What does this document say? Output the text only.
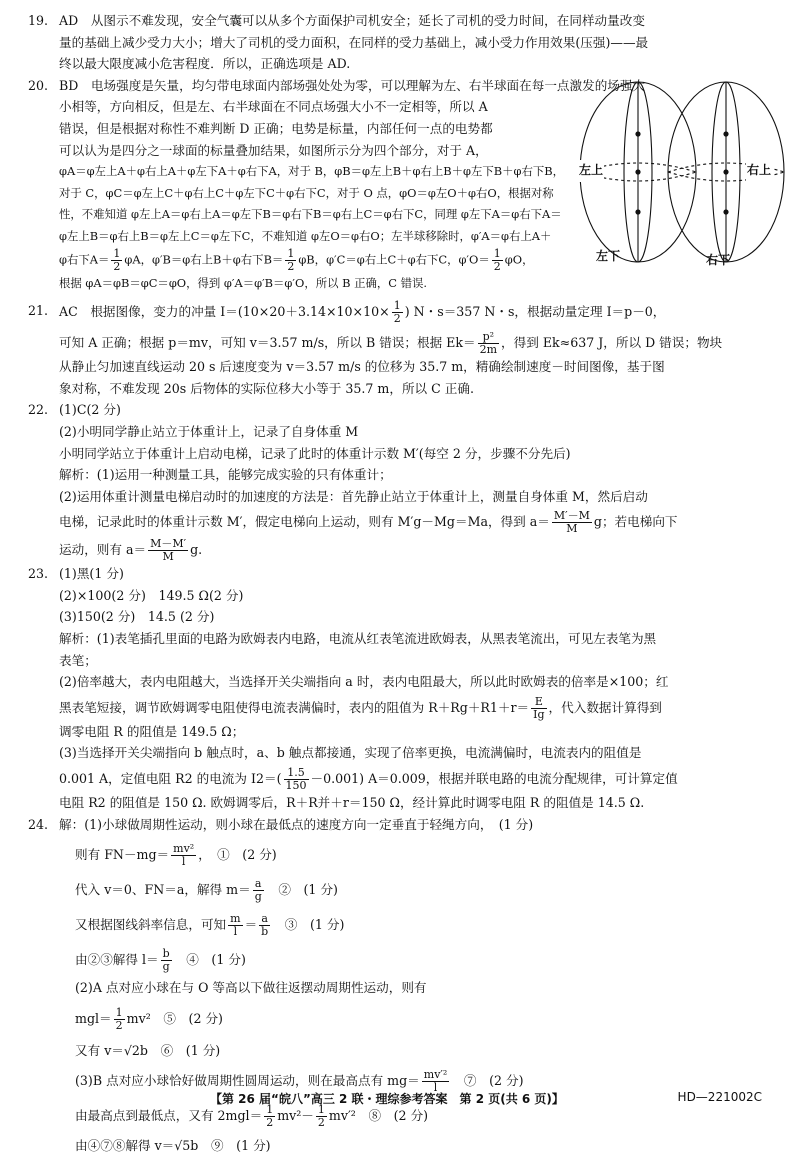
19. AD　从图示不难发现，安全气囊可以从多个方面保护司机安全；延长了司机的受力时间，在同样动量改变
量的基础上减少受力大小；增大了司机的受力面积，在同样的受力基础上，减小受力作用效果(压强)——最
终以最大限度减小危害程度．所以，正确选项是 AD.
20. BD　电场强度是矢量，均匀带电球面内部场强处处为零，可以理解为左、右半球面在每一点激发的场强大
小相等，方向相反，但是左、右半球面在不同点场强大小不一定相等，所以 A
错误，但是根据对称性不难判断 D 正确；电势是标量，内部任何一点的电势都
可以认为是四分之一球面的标量叠加结果，如图所示分为四个部分，对于 A，
φA＝φ左上A＋φ右上A＋φ左下A＋φ右下A，对于 B，φB＝φ左上B＋φ右上B＋φ左下B＋φ右下B，
对于 C，φC＝φ左上C＋φ右上C＋φ左下C＋φ右下C，对于 O 点，φO＝φ左O＋φ右O，根据对称
性，不难知道 φ左上A＝φ右上A＝φ左下B＝φ右下B＝φ右上C＝φ右下C，同理 φ左下A＝φ右下A＝
φ左上B＝φ右上B＝φ左上C＝φ左下C，不难知道 φ左O＝φ右O；左半球移除时，φ′A＝φ右上A＋
φ右下$A= \frac{1}{2}$ φA，φ′B＝φ右上B＋φ右下$B= \frac{1}{2}$ φB，φ′C＝φ右上C＋φ右下C，$\varphi'O= \frac{1}{2}$ φO，
根据 φA＝φB＝φC＝φO，得到 φ′A＝φ′B＝φ′O，所以 B 正确，C 错误.
左上	右上
左下	右下
21. AC　根据图像，变力的冲量 $I=(10\times 20+3.14\times 10\times 10\times \frac{1}{2}$ ) N・s＝357 N・s，根据动量定理 I＝p－0，
可知 A 正确；根据 p＝mv，可知 v＝3.57 m/s，所以 B 错误；根据 $Ek= \frac{\text{p²}}{2m}$ ，得到 Ek≈637 J，所以 D 错误；物块
从静止匀加速直线运动 20 s 后速度变为 v＝3.57 m/s 的位移为 35.7 m，精确绘制速度－时间图像，基于图
象对称，不难发现 20s 后物体的实际位移大小等于 35.7 m，所以 C 正确.
22. (1)C(2 分)
(2)小明同学静止站立于体重计上，记录了自身体重 M
小明同学站立于体重计上启动电梯，记录了此时的体重计示数 M′(每空 2 分，步骤不分先后)
解析：(1)运用一种测量工具，能够完成实验的只有体重计；
(2)运用体重计测量电梯启动时的加速度的方法是：首先静止站立于体重计上，测量自身体重 M，然后启动
电梯，记录此时的体重计示数 M′，假定电梯向上运动，则有 M′g－Mg＝Ma，得到 $a= \frac{M'-M}{M}$ g；若电梯向下
运动，则有 $a= \frac{M-M'}{M} g$.
23. (1)黑(1 分)
(2)×100(2 分)　149.5 Ω(2 分)
(3)150(2 分)　14.5 (2 分)
解析：(1)表笔插孔里面的电路为欧姆表内电路，电流从红表笔流进欧姆表，从黑表笔流出，可见左表笔为黑
表笔；
(2)倍率越大，表内电阻越大，当选择开关尖端指向 a 时，表内电阻最大，所以此时欧姆表的倍率是×100；红
黑表笔短接，调节欧姆调零电阻使得电流表满偏时，表内的阻值为 $R+Rg+R1+r= \frac{E}{Ig}$ ，代入数据计算得到
调零电阻 R 的阻值是 149.5 Ω；
(3)当选择开关尖端指向 b 触点时，a、b 触点都接通，实现了倍率更换，电流满偏时，电流表内的阻值是
0.001 A，定值电阻 R2 的电流为 $I2=( \frac{1.5}{150} -0.001)$ A＝0.009，根据并联电路的电流分配规律，可计算定值
电阻 R2 的阻值是 150 Ω. 欧姆调零后，R＋R并＋r＝150 Ω，经计算此时调零电阻 R 的阻值是 14.5 Ω.
24. 解：(1)小球做周期性运动，则小球在最低点的速度方向一定垂直于轻绳方向，　(1 分)
则有 $FN-mg= \frac{\text{mv²}}{l}$ ，　①　(2 分)
代入 v＝0、FN＝a，解得 $m= \frac{a}{g}$ 　②　(1 分)
又根据图线斜率信息，可知 $\frac{m}{l} = \frac{a}{b}$ 　③　(1 分)
由②③解得 $l= \frac{b}{g}$ 　④　(1 分)
(2)A 点对应小球在与 O 等高以下做往返摆动周期性运动，则有
$mgl= \frac{1}{2} mv^2$　⑤　(2 分)
又有 v＝√2b　⑥　(1 分)
(3)B 点对应小球恰好做周期性圆周运动，则在最高点有 $mg= \frac{\text{mv′²}}{l}$ 　⑦　(2 分)
由最高点到最低点，又有 $2mgl= \frac{1}{2} mv^2- \frac{1}{2} mv'^2$　⑧　(2 分)
由④⑦⑧解得 v＝√5b　⑨　(1 分)
【第 26 届“皖八”高三 2 联・理综参考答案　第 2 页(共 6 页)】	HD—221002C
